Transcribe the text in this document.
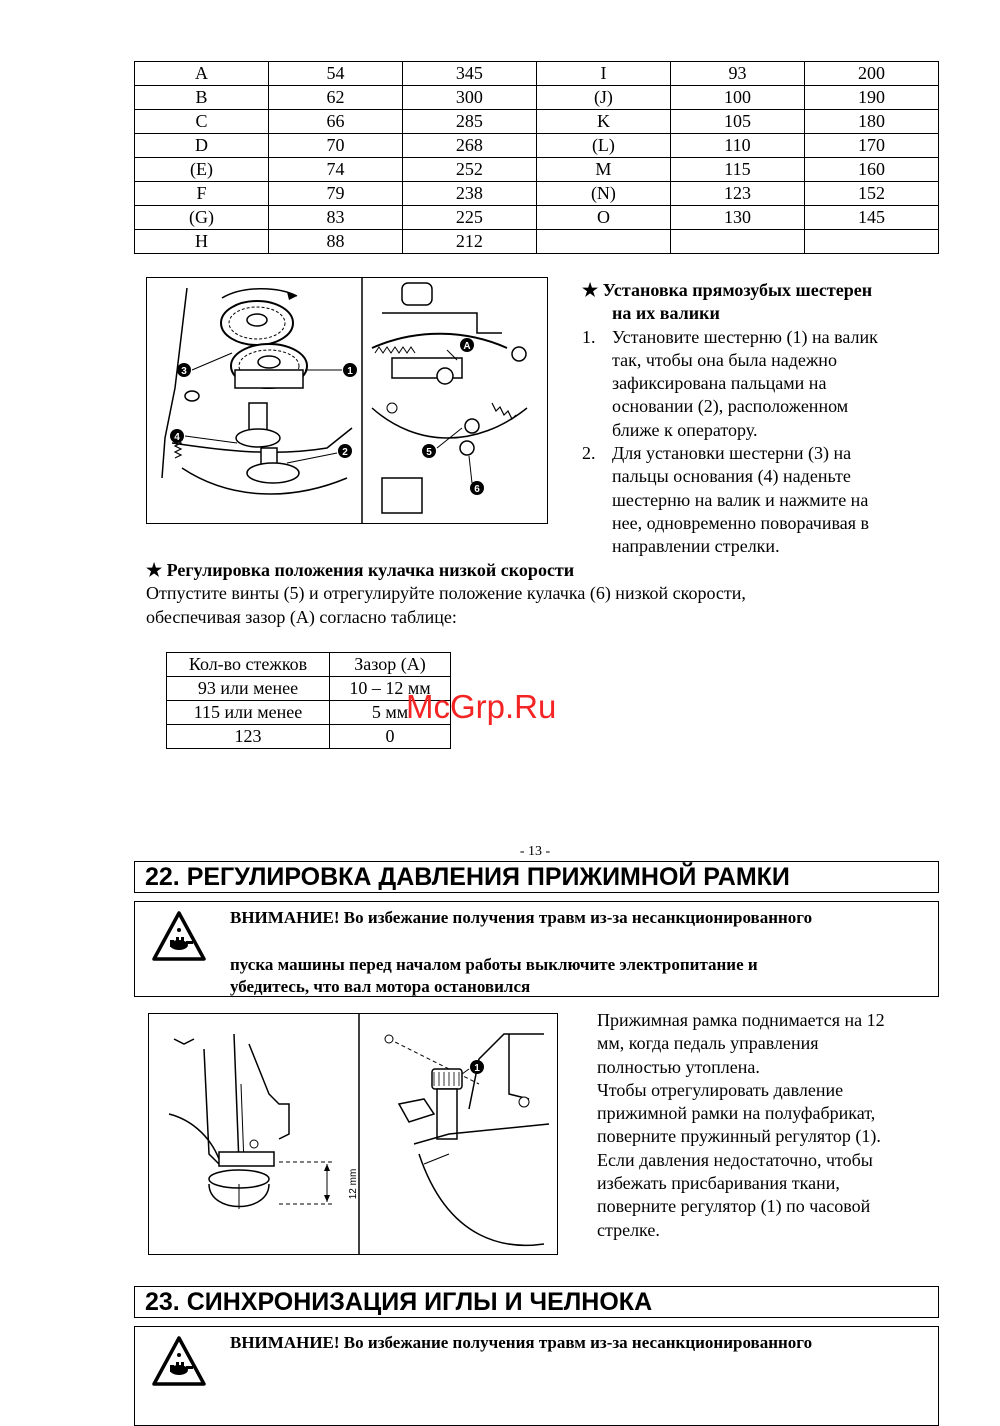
A	54	345	I	93	200
B	62	300	(J)	100	190
C	66	285	K	105	180
D	70	268	(L)	110	170
(E)	74	252	M	115	160
F	79	238	(N)	123	152
(G)	83	225	O	130	145
H	88	212			
3	1
4
2
A
5
6
★ Установка прямозубых шестерен
на их валики
1. Установите шестерню (1) на валик
так, чтобы она была надежно
зафиксирована пальцами на
основании (2), расположенном
ближе к оператору.
2. Для установки шестерни (3) на
пальцы основания (4) наденьте
шестерню на валик и нажмите на
нее, одновременно поворачивая в
направлении стрелки.
★ Регулировка положения кулачка низкой скорости
Отпустите винты (5) и отрегулируйте положение кулачка (6) низкой скорости,
обеспечивая зазор (А) согласно таблице:
Кол-во стежков	Зазор (А)
93 или менее	10 – 12 мм
115 или менее	5 мм
123	0
McGrp.Ru
- 13 -
22. РЕГУЛИРОВКА ДАВЛЕНИЯ ПРИЖИМНОЙ РАМКИ
ВНИМАНИЕ! Во избежание получения травм из-за несанкционированного
пуска машины перед началом работы выключите электропитание и
убедитесь, что вал мотора остановился
12 mm
1
Прижимная рамка поднимается на 12
мм, когда педаль управления
полностью утоплена.
Чтобы отрегулировать давление
прижимной рамки на полуфабрикат,
поверните пружинный регулятор (1).
Если давления недостаточно, чтобы
избежать присбаривания ткани,
поверните регулятор (1) по часовой
стрелке.
23. СИНХРОНИЗАЦИЯ ИГЛЫ И ЧЕЛНОКА
ВНИМАНИЕ! Во избежание получения травм из-за несанкционированного
